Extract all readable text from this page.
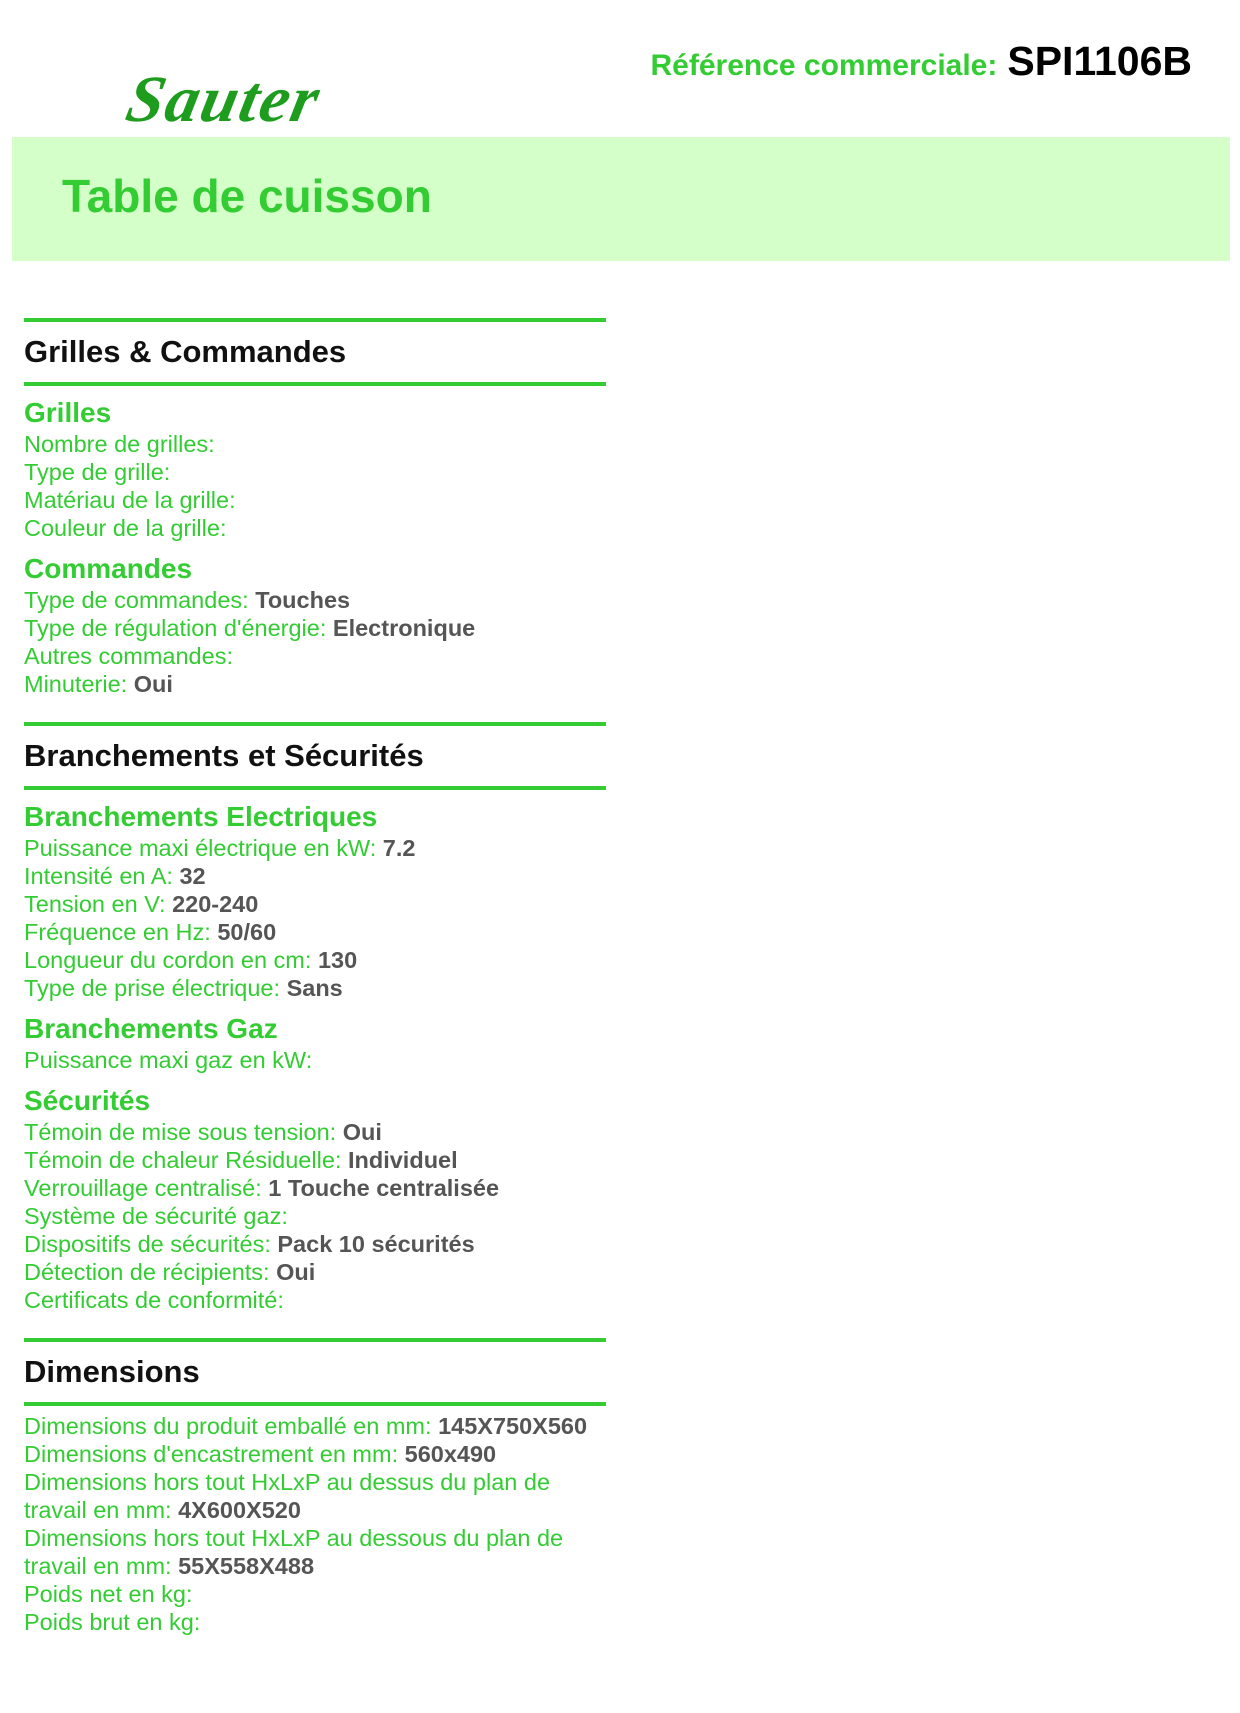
Sauter	Référence commerciale: SPI1106B
Table de cuisson
Grilles & Commandes
Grilles
Nombre de grilles:
Type de grille:
Matériau de la grille:
Couleur de la grille:
Commandes
Type de commandes: Touches
Type de régulation d'énergie: Electronique
Autres commandes:
Minuterie: Oui
Branchements et Sécurités
Branchements Electriques
Puissance maxi électrique en kW: 7.2
Intensité en A: 32
Tension en V: 220-240
Fréquence en Hz: 50/60
Longueur du cordon en cm: 130
Type de prise électrique: Sans
Branchements Gaz
Puissance maxi gaz en kW:
Sécurités
Témoin de mise sous tension: Oui
Témoin de chaleur Résiduelle: Individuel
Verrouillage centralisé: 1 Touche centralisée
Système de sécurité gaz:
Dispositifs de sécurités: Pack 10 sécurités
Détection de récipients: Oui
Certificats de conformité:
Dimensions
Dimensions du produit emballé en mm: 145X750X560
Dimensions d'encastrement en mm: 560x490
Dimensions hors tout HxLxP au dessus du plan de travail en mm: 4X600X520
Dimensions hors tout HxLxP au dessous du plan de travail en mm: 55X558X488
Poids net en kg:
Poids brut en kg:
